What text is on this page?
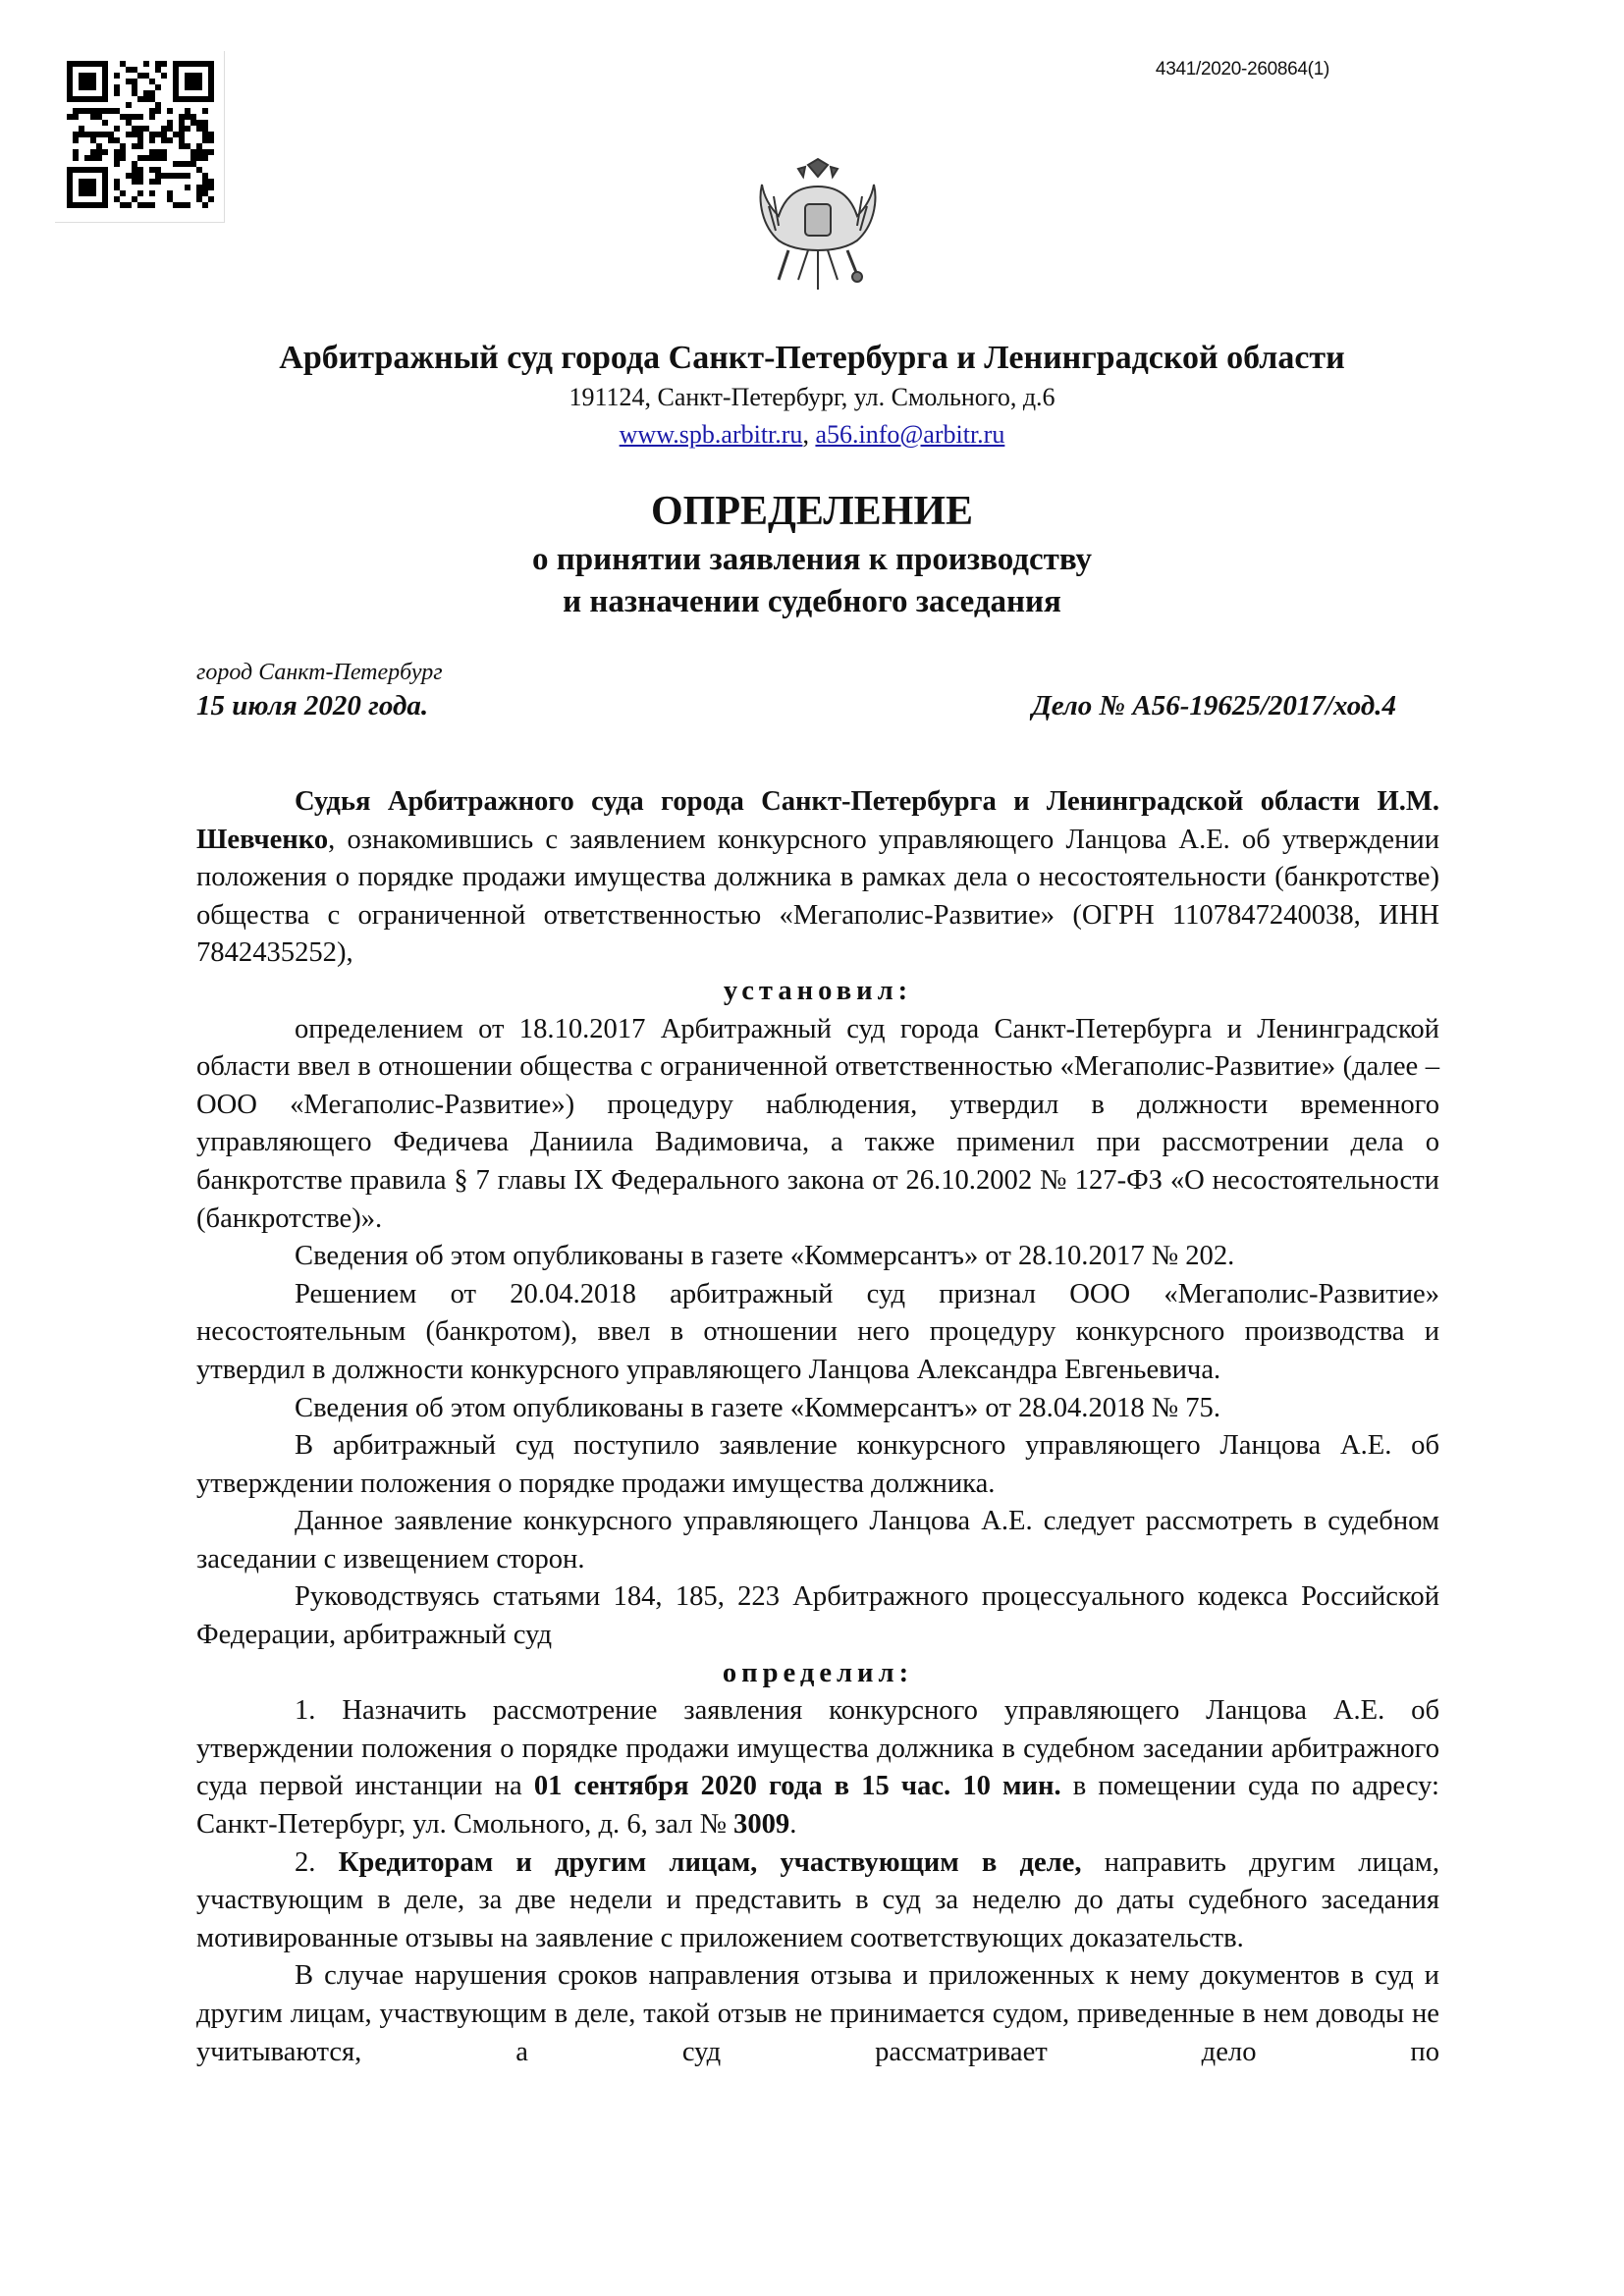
4341/2020-260864(1)
Арбитражный суд города Санкт-Петербурга и Ленинградской области
191124, Санкт-Петербург, ул. Смольного, д.6
www.spb.arbitr.ru, a56.info@arbitr.ru
ОПРЕДЕЛЕНИЕ
о принятии заявления к производству
и назначении судебного заседания
город Санкт-Петербург
15 июля 2020 года.	Дело № А56-19625/2017/ход.4

Судья Арбитражного суда города Санкт-Петербурга и Ленинградской области И.М. Шевченко, ознакомившись с заявлением конкурсного управляющего Ланцова А.Е. об утверждении положения о порядке продажи имущества должника в рамках дела о несостоятельности (банкротстве) общества с ограниченной ответственностью «Мегаполис-Развитие» (ОГРН 1107847240038, ИНН 7842435252),

установил:

определением от 18.10.2017 Арбитражный суд города Санкт-Петербурга и Ленинградской области ввел в отношении общества с ограниченной ответственностью «Мегаполис-Развитие» (далее – ООО «Мегаполис-Развитие») процедуру наблюдения, утвердил в должности временного управляющего Федичева Даниила Вадимовича, а также применил при рассмотрении дела о банкротстве правила § 7 главы IX Федерального закона от 26.10.2002 № 127-ФЗ «О несостоятельности (банкротстве)».

Сведения об этом опубликованы в газете «Коммерсантъ» от 28.10.2017 № 202.

Решением от 20.04.2018 арбитражный суд признал ООО «Мегаполис-Развитие» несостоятельным (банкротом), ввел в отношении него процедуру конкурсного производства и утвердил в должности конкурсного управляющего Ланцова Александра Евгеньевича.

Сведения об этом опубликованы в газете «Коммерсантъ» от 28.04.2018 № 75.

В арбитражный суд поступило заявление конкурсного управляющего Ланцова А.Е. об утверждении положения о порядке продажи имущества должника.

Данное заявление конкурсного управляющего Ланцова А.Е. следует рассмотреть в судебном заседании с извещением сторон.

Руководствуясь статьями 184, 185, 223 Арбитражного процессуального кодекса Российской Федерации, арбитражный суд

определил:

1. Назначить рассмотрение заявления конкурсного управляющего Ланцова А.Е. об утверждении положения о порядке продажи имущества должника в судебном заседании арбитражного суда первой инстанции на 01 сентября 2020 года в 15 час. 10 мин. в помещении суда по адресу: Санкт-Петербург, ул. Смольного, д. 6, зал № 3009.

2. Кредиторам и другим лицам, участвующим в деле, направить другим лицам, участвующим в деле, за две недели и представить в суд за неделю до даты судебного заседания мотивированные отзывы на заявление с приложением соответствующих доказательств.

В случае нарушения сроков направления отзыва и приложенных к нему документов в суд и другим лицам, участвующим в деле, такой отзыв не принимается судом, приведенные в нем доводы не учитываются, а суд рассматривает дело по
